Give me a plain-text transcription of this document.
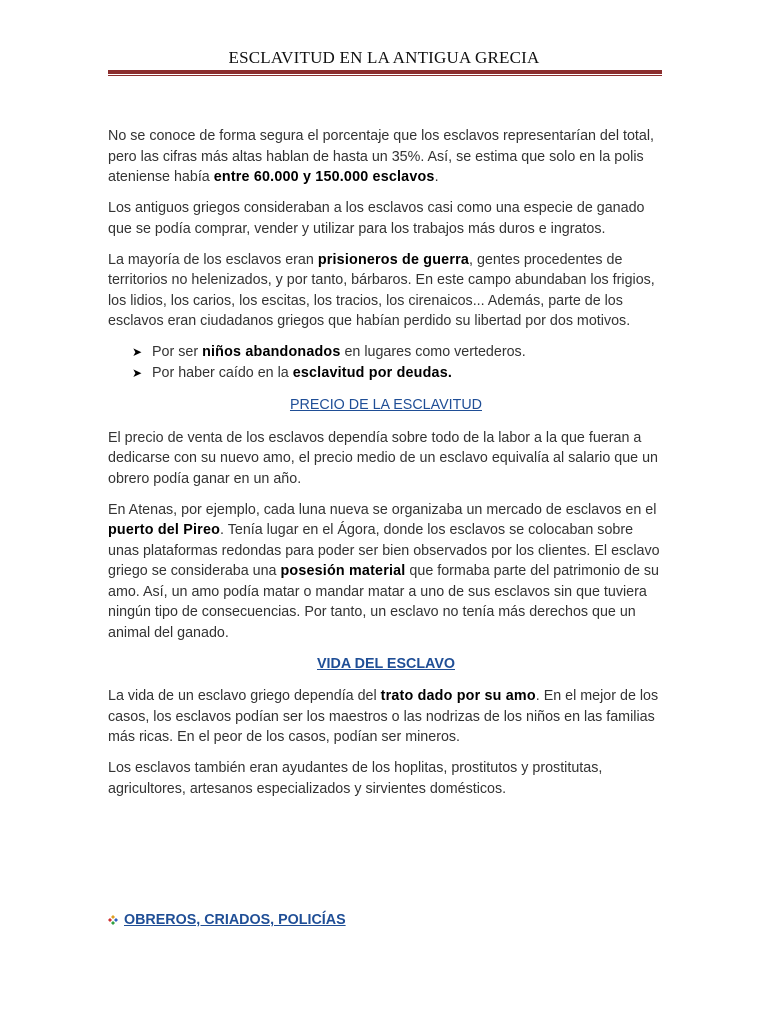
ESCLAVITUD EN LA ANTIGUA GRECIA

No se conoce de forma segura el porcentaje que los esclavos representarían del total, pero las cifras más altas hablan de hasta un 35%. Así, se estima que solo en la polis ateniense había entre 60.000 y 150.000 esclavos.

Los antiguos griegos consideraban a los esclavos casi como una especie de ganado que se podía comprar, vender y utilizar para los trabajos más duros e ingratos.

La mayoría de los esclavos eran prisioneros de guerra, gentes procedentes de territorios no helenizados, y por tanto, bárbaros. En este campo abundaban los frigios, los lidios, los carios, los escitas, los tracios, los cirenaicos... Además, parte de los esclavos eran ciudadanos griegos que habían perdido su libertad por dos motivos.

➤ Por ser niños abandonados en lugares como vertederos.
➤ Por haber caído en la esclavitud por deudas.
PRECIO DE LA ESCLAVITUD

El precio de venta de los esclavos dependía sobre todo de la labor a la que fueran a dedicarse con su nuevo amo, el precio medio de un esclavo equivalía al salario que un obrero podía ganar en un año.

En Atenas, por ejemplo, cada luna nueva se organizaba un mercado de esclavos en el puerto del Pireo. Tenía lugar en el Ágora, donde los esclavos se colocaban sobre unas plataformas redondas para poder ser bien observados por los clientes. El esclavo griego se consideraba una posesión material que formaba parte del patrimonio de su amo. Así, un amo podía matar o mandar matar a uno de sus esclavos sin que tuviera ningún tipo de consecuencias. Por tanto, un esclavo no tenía más derechos que un animal del ganado.

VIDA DEL ESCLAVO

La vida de un esclavo griego dependía del trato dado por su amo. En el mejor de los casos, los esclavos podían ser los maestros o las nodrizas de los niños en las familias más ricas. En el peor de los casos, podían ser mineros.

Los esclavos también eran ayudantes de los hoplitas, prostitutos y prostitutas, agricultores, artesanos especializados y sirvientes domésticos.

OBREROS, CRIADOS, POLICÍAS
